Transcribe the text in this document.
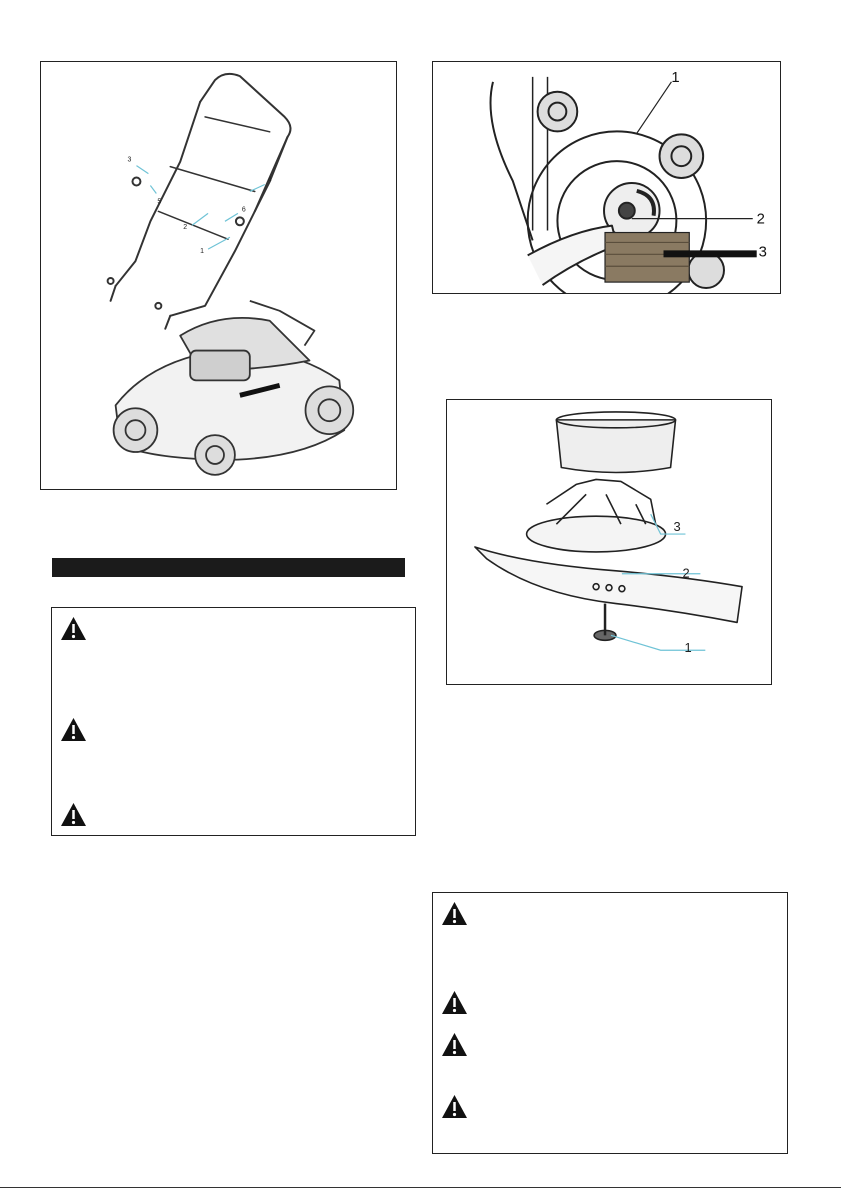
3
5
4
2
6
1
1
2
3
3
2
1
